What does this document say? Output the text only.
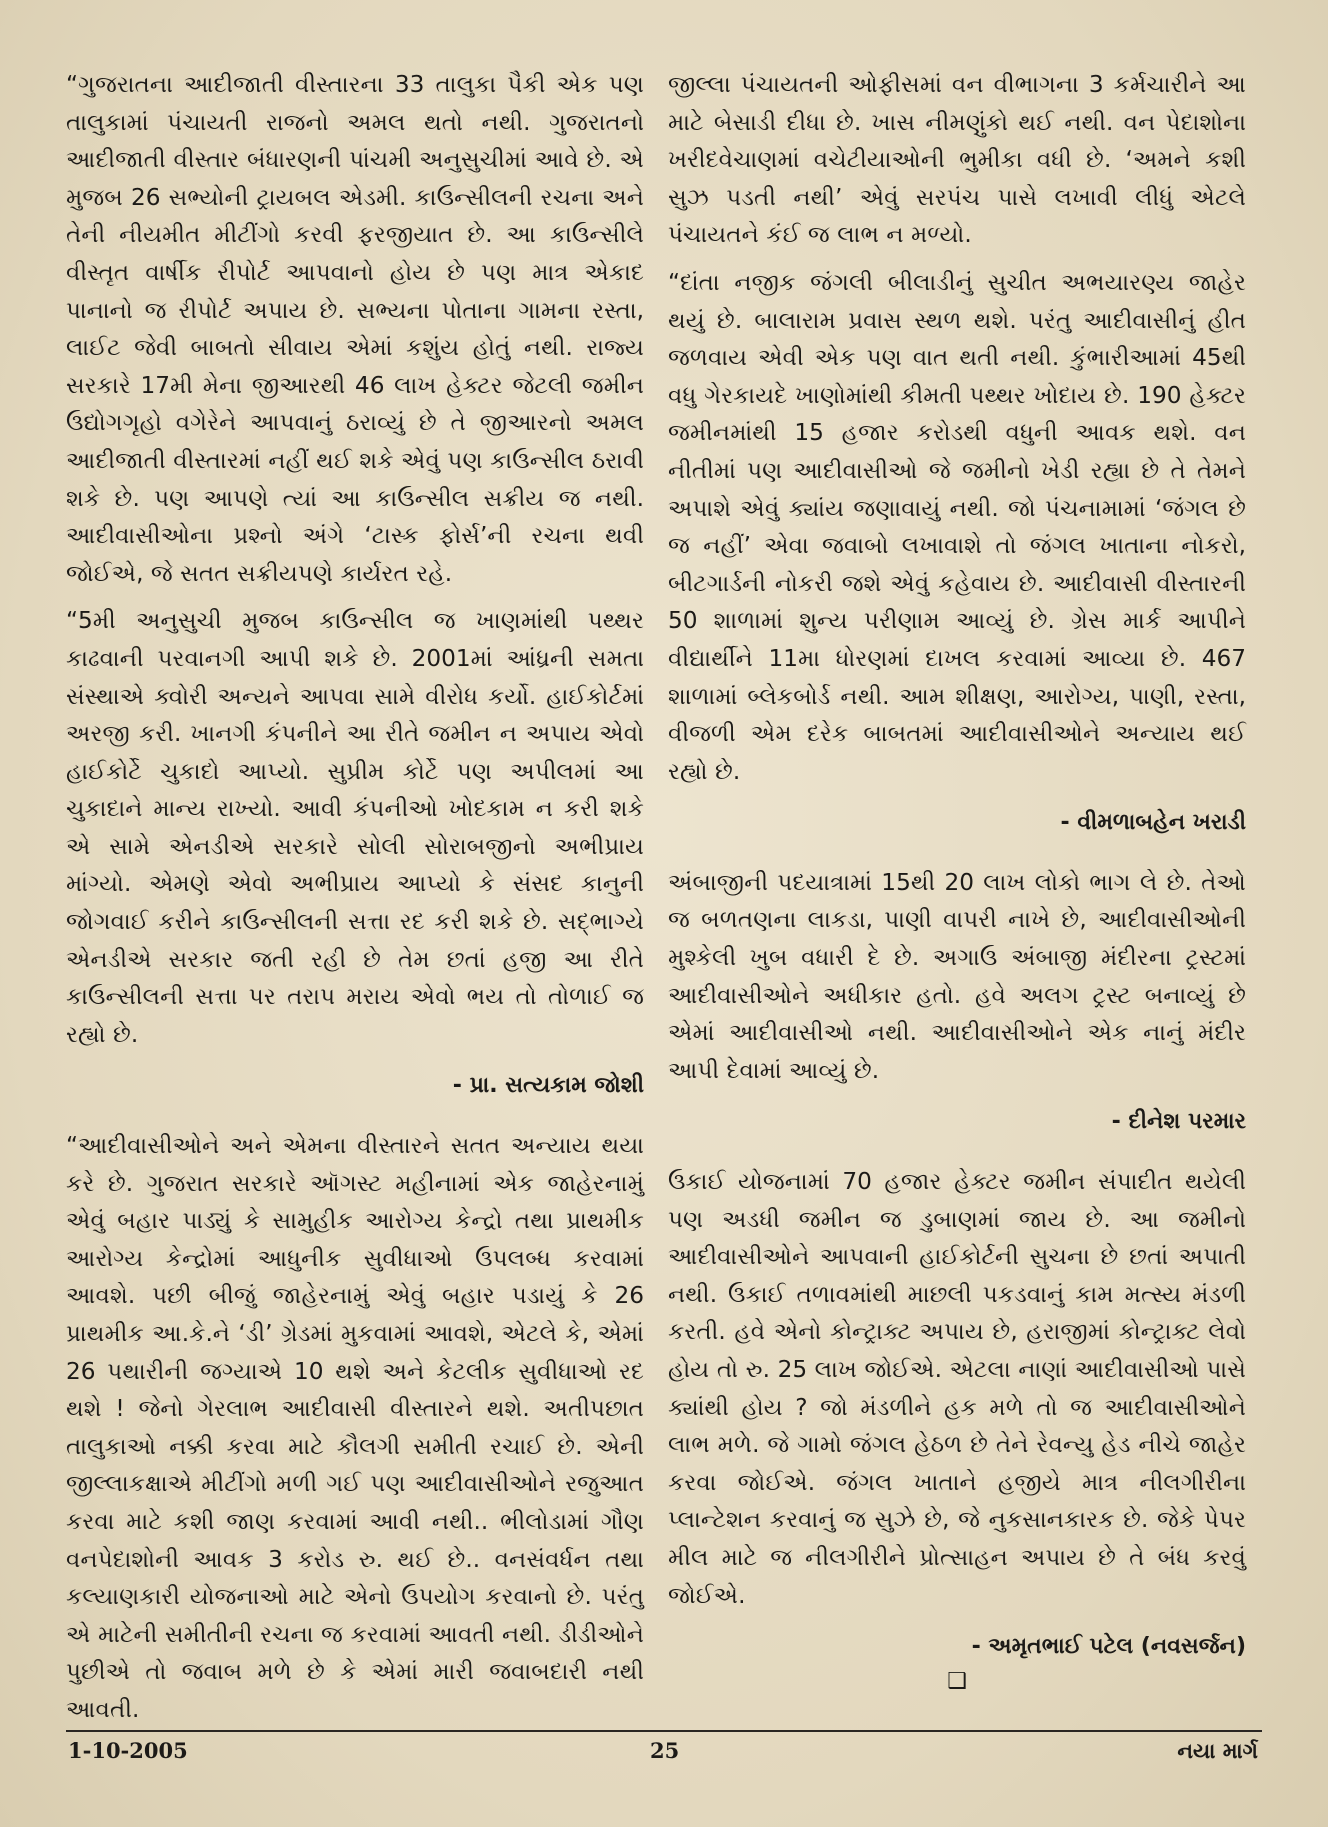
“ગુજરાતના આદીજાતી વીસ્તારના 33 તાલુકા પૈકી એક પણ તાલુકામાં પંચાયતી રાજનો અમલ થતો નથી. ગુજરાતનો આદીજાતી વીસ્તાર બંધારણની પાંચમી અનુસુચીમાં આવે છે. એ મુજબ 26 સભ્યોની ટ્રાયબલ એડમી. કાઉન્સીલની રચના અને તેની નીયમીત મીટીંગો કરવી ફરજીયાત છે. આ કાઉન્સીલે વીસ્તૃત વાર્ષીક રીપોર્ટ આપવાનો હોય છે પણ માત્ર એકાદ પાનાનો જ રીપોર્ટ અપાય છે. સભ્યના પોતાના ગામના રસ્તા, લાઈટ જેવી બાબતો સીવાય એમાં કશુંય હોતું નથી. રાજ્ય સરકારે 17મી મેના જીઆરથી 46 લાખ હેક્ટર જેટલી જમીન ઉદ્યોગગૃહો વગેરેને આપવાનું ઠરાવ્યું છે તે જીઆરનો અમલ આદીજાતી વીસ્તારમાં નહીં થઈ શકે એવું પણ કાઉન્સીલ ઠરાવી શકે છે. પણ આપણે ત્યાં આ કાઉન્સીલ સક્રીય જ નથી. આદીવાસીઓના પ્રશ્નો અંગે ‘ટાસ્ક ફોર્સ’ની રચના થવી જોઈએ, જે સતત સક્રીયપણે કાર્યરત રહે.

“5મી અનુસુચી મુજબ કાઉન્સીલ જ ખાણમાંથી પથ્થર કાઢવાની પરવાનગી આપી શકે છે. 2001માં આંધ્રની સમતા સંસ્થાએ ક્વોરી અન્યને આપવા સામે વીરોધ કર્યો. હાઈકોર્ટમાં અરજી કરી. ખાનગી કંપનીને આ રીતે જમીન ન અપાય એવો હાઈકોર્ટે ચુકાદો આપ્યો. સુપ્રીમ કોર્ટે પણ અપીલમાં આ ચુકાદાને માન્ય રાખ્યો. આવી કંપનીઓ ખોદકામ ન કરી શકે એ સામે એનડીએ સરકારે સોલી સોરાબજીનો અભીપ્રાય માંગ્યો. એમણે એવો અભીપ્રાય આપ્યો કે સંસદ કાનુની જોગવાઈ કરીને કાઉન્સીલની સત્તા રદ કરી શકે છે. સદ્ભાગ્યે એનડીએ સરકાર જતી રહી છે તેમ છતાં હજી આ રીતે કાઉન્સીલની સત્તા પર તરાપ મરાય એવો ભય તો તોળાઈ જ રહ્યો છે.

- પ્રા. સત્યકામ જોશી

“આદીવાસીઓને અને એમના વીસ્તારને સતત અન્યાય થયા કરે છે. ગુજરાત સરકારે ઑગસ્ટ મહીનામાં એક જાહેરનામું એવું બહાર પાડ્યું કે સામુહીક આરોગ્ય કેન્દ્રો તથા પ્રાથમીક આરોગ્ય કેન્દ્રોમાં આધુનીક સુવીધાઓ ઉપલબ્ધ કરવામાં આવશે. પછી બીજું જાહેરનામું એવું બહાર પડાયું કે 26 પ્રાથમીક આ.કે.ને ‘ડી’ ગ્રેડમાં મુકવામાં આવશે, એટલે કે, એમાં 26 પથારીની જગ્યાએ 10 થશે અને કેટલીક સુવીધાઓ રદ થશે ! જેનો ગેરલાભ આદીવાસી વીસ્તારને થશે. અતીપછાત તાલુકાઓ નક્કી કરવા માટે કૌલગી સમીતી રચાઈ છે. એની જીલ્લાકક્ષાએ મીટીંગો મળી ગઈ પણ આદીવાસીઓને રજુઆત કરવા માટે કશી જાણ કરવામાં આવી નથી.. ભીલોડામાં ગૌણ વનપેદાશોની આવક 3 કરોડ રુ. થઈ છે.. વનસંવર્ધન તથા કલ્યાણકારી યોજનાઓ માટે એનો ઉપયોગ કરવાનો છે. પરંતુ એ માટેની સમીતીની રચના જ કરવામાં આવતી નથી. ડીડીઓને પુછીએ તો જવાબ મળે છે કે એમાં મારી જવાબદારી નથી આવતી.

જીલ્લા પંચાયતની ઓફીસમાં વન વીભાગના 3 કર્મચારીને આ માટે બેસાડી દીધા છે. ખાસ નીમણુંકો થઈ નથી. વન પેદાશોના ખરીદવેચાણમાં વચેટીયાઓની ભુમીકા વધી છે. ‘અમને કશી સુઝ પડતી નથી’ એવું સરપંચ પાસે લખાવી લીધું એટલે પંચાયતને કંઈ જ લાભ ન મળ્યો.

“દાંતા નજીક જંગલી બીલાડીનું સુચીત અભયારણ્ય જાહેર થયું છે. બાલારામ પ્રવાસ સ્થળ થશે. પરંતુ આદીવાસીનું હીત જળવાય એવી એક પણ વાત થતી નથી. કુંભારીઆમાં 45થી વધુ ગેરકાયદે ખાણોમાંથી કીમતી પથ્થર ખોદાય છે. 190 હેક્ટર જમીનમાંથી 15 હજાર કરોડથી વધુની આવક થશે. વન નીતીમાં પણ આદીવાસીઓ જે જમીનો ખેડી રહ્યા છે તે તેમને અપાશે એવું ક્યાંય જણાવાયું નથી. જો પંચનામામાં ‘જંગલ છે જ નહીં’ એવા જવાબો લખાવાશે તો જંગલ ખાતાના નોકરો, બીટગાર્ડની નોકરી જશે એવું કહેવાય છે. આદીવાસી વીસ્તારની 50 શાળામાં શુન્ય પરીણામ આવ્યું છે. ગ્રેસ માર્ક આપીને વીદ્યાર્થીને 11મા ધોરણમાં દાખલ કરવામાં આવ્યા છે. 467 શાળામાં બ્લેકબોર્ડ નથી. આમ શીક્ષણ, આરોગ્ય, પાણી, રસ્તા, વીજળી એમ દરેક બાબતમાં આદીવાસીઓને અન્યાય થઈ રહ્યો છે.

- વીમળાબહેન ખરાડી

અંબાજીની પદયાત્રામાં 15થી 20 લાખ લોકો ભાગ લે છે. તેઓ જ બળતણના લાકડા, પાણી વાપરી નાખે છે, આદીવાસીઓની મુશ્કેલી ખુબ વધારી દે છે. અગાઉ અંબાજી મંદીરના ટ્રસ્ટમાં આદીવાસીઓને અધીકાર હતો. હવે અલગ ટ્રસ્ટ બનાવ્યું છે એમાં આદીવાસીઓ નથી. આદીવાસીઓને એક નાનું મંદીર આપી દેવામાં આવ્યું છે.

- દીનેશ પરમાર

ઉકાઈ યોજનામાં 70 હજાર હેક્ટર જમીન સંપાદીત થયેલી પણ અડધી જમીન જ ડુબાણમાં જાય છે. આ જમીનો આદીવાસીઓને આપવાની હાઈકોર્ટની સુચના છે છતાં અપાતી નથી. ઉકાઈ તળાવમાંથી માછલી પકડવાનું કામ મત્સ્ય મંડળી કરતી. હવે એનો કોન્ટ્રાક્ટ અપાય છે, હરાજીમાં કોન્ટ્રાક્ટ લેવો હોય તો રુ. 25 લાખ જોઈએ. એટલા નાણાં આદીવાસીઓ પાસે ક્યાંથી હોય ? જો મંડળીને હક મળે તો જ આદીવાસીઓને લાભ મળે. જે ગામો જંગલ હેઠળ છે તેને રેવન્યુ હેડ નીચે જાહેર કરવા જોઈએ. જંગલ ખાતાને હજીયે માત્ર નીલગીરીના પ્લાન્ટેશન કરવાનું જ સુઝે છે, જે નુકસાનકારક છે. જેકે પેપર મીલ માટે જ નીલગીરીને પ્રોત્સાહન અપાય છે તે બંધ કરવું જોઈએ.

- અમૃતભાઈ પટેલ (નવસર્જન)
❑
1-10-2005	25	નયા માર્ગ
